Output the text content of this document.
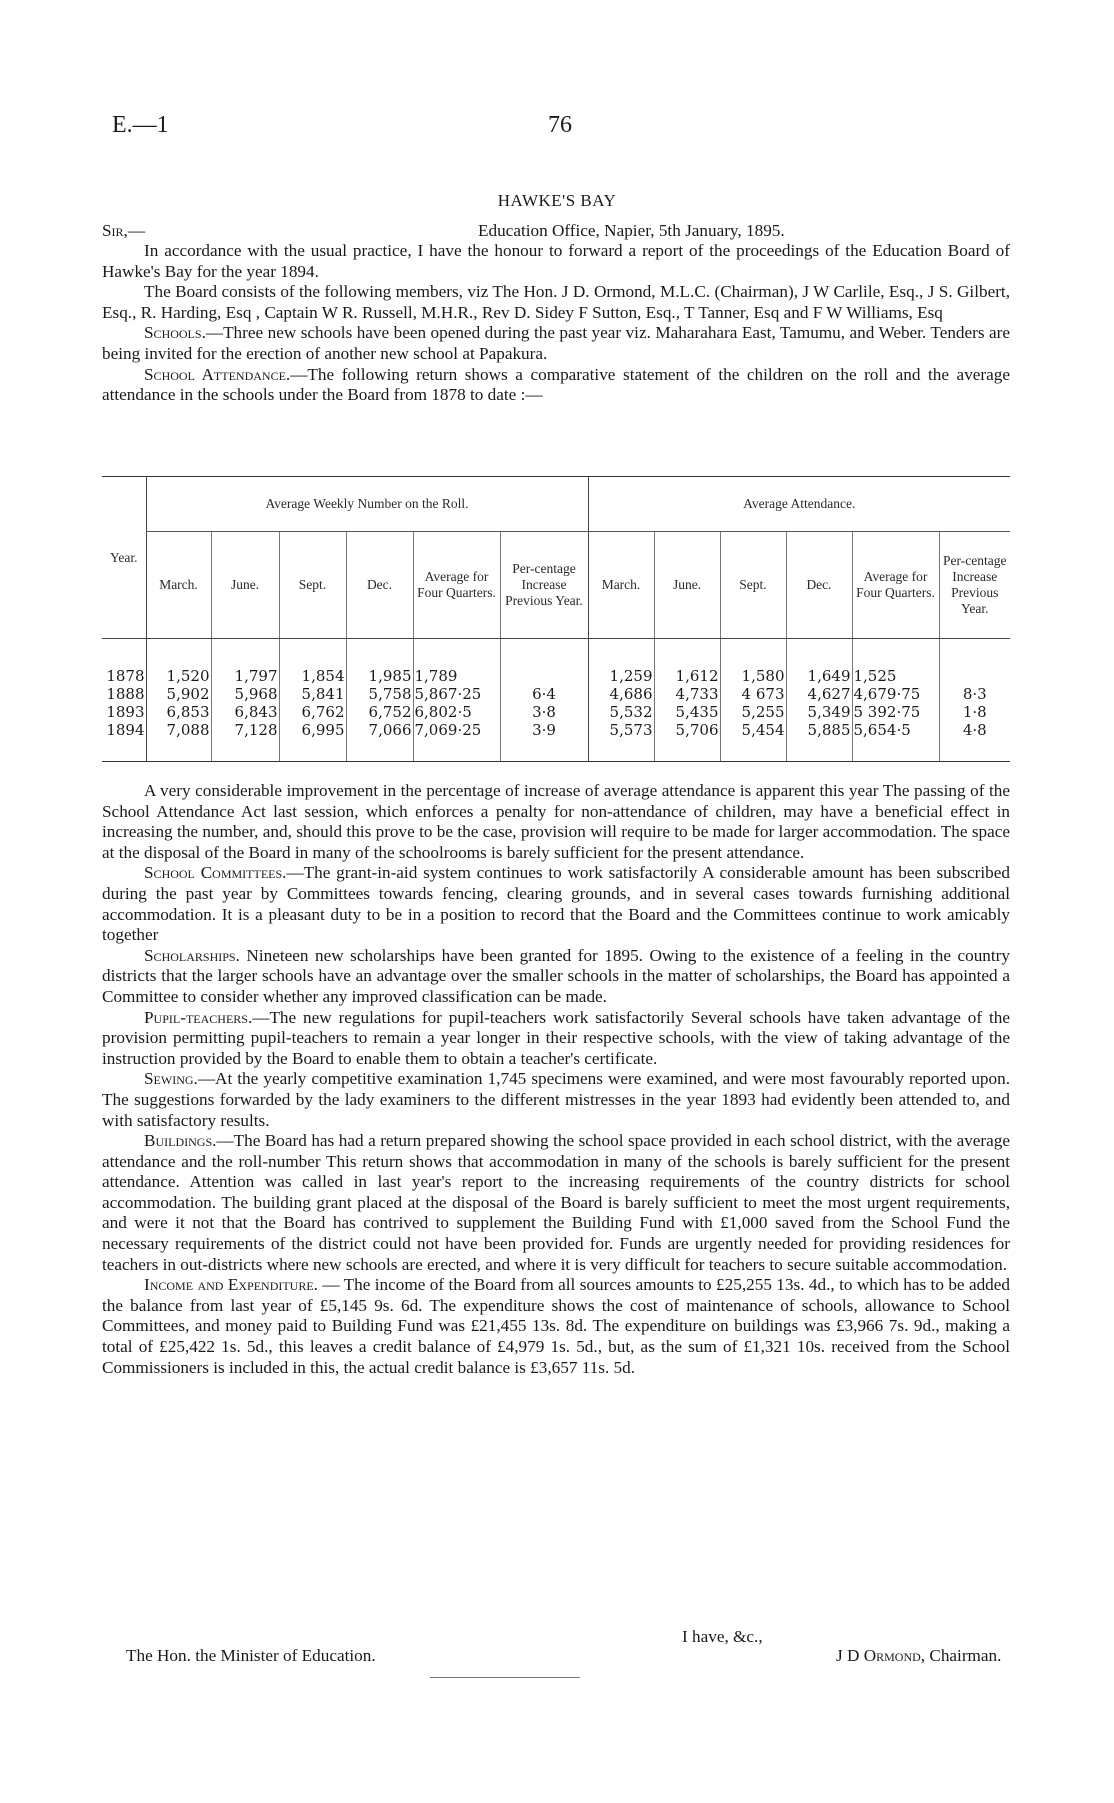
E.—1	76
HAWKE'S BAY
Sir,—	Education Office, Napier, 5th January, 1895.

In accordance with the usual practice, I have the honour to forward a report of the proceedings of the Education Board of Hawke's Bay for the year 1894.

The Board consists of the following members, viz The Hon. J D. Ormond, M.L.C. (Chairman), J W Carlile, Esq., J S. Gilbert, Esq., R. Harding, Esq , Captain W R. Russell, M.H.R., Rev D. Sidey F Sutton, Esq., T Tanner, Esq and F W Williams, Esq

Schools.—Three new schools have been opened during the past year viz. Maharahara East, Tamumu, and Weber. Tenders are being invited for the erection of another new school at Papakura.

School Attendance.—The following return shows a comparative statement of the children on the roll and the average attendance in the schools under the Board from 1878 to date :—

Year.	Average Weekly Number on the Roll.						Average Attendance.					
	March.	June.	Sept.	Dec.	Average for Four Quarters.	Per-centage Increase Previous Year.	March.	June.	Sept.	Dec.	Average for Four Quarters.	Per-centage Increase Previous Year.

1878	1,520	1,797	1,854	1,985	1,789		1,259	1,612	1,580	1,649	1,525	
1888	5,902	5,968	5,841	5,758	5,867·25	6·4	4,686	4,733	4 673	4,627	4,679·75	8·3
1893	6,853	6,843	6,762	6,752	6,802·5	3·8	5,532	5,435	5,255	5,349	5 392·75	1·8
1894	7,088	7,128	6,995	7,066	7,069·25	3·9	5,573	5,706	5,454	5,885	5,654·5	4·8

A very considerable improvement in the percentage of increase of average attendance is apparent this year The passing of the School Attendance Act last session, which enforces a penalty for non-attendance of children, may have a beneficial effect in increasing the number, and, should this prove to be the case, provision will require to be made for larger accommodation. The space at the disposal of the Board in many of the schoolrooms is barely sufficient for the present attendance.

School Committees.—The grant-in-aid system continues to work satisfactorily A considerable amount has been subscribed during the past year by Committees towards fencing, clearing grounds, and in several cases towards furnishing additional accommodation. It is a pleasant duty to be in a position to record that the Board and the Committees continue to work amicably together

Scholarships. Nineteen new scholarships have been granted for 1895. Owing to the existence of a feeling in the country districts that the larger schools have an advantage over the smaller schools in the matter of scholarships, the Board has appointed a Committee to consider whether any improved classification can be made.

Pupil-teachers.—The new regulations for pupil-teachers work satisfactorily Several schools have taken advantage of the provision permitting pupil-teachers to remain a year longer in their respective schools, with the view of taking advantage of the instruction provided by the Board to enable them to obtain a teacher's certificate.

Sewing.—At the yearly competitive examination 1,745 specimens were examined, and were most favourably reported upon. The suggestions forwarded by the lady examiners to the different mistresses in the year 1893 had evidently been attended to, and with satisfactory results.

Buildings.—The Board has had a return prepared showing the school space provided in each school district, with the average attendance and the roll-number This return shows that accommodation in many of the schools is barely sufficient for the present attendance. Attention was called in last year's report to the increasing requirements of the country districts for school accommodation. The building grant placed at the disposal of the Board is barely sufficient to meet the most urgent requirements, and were it not that the Board has contrived to supplement the Building Fund with £1,000 saved from the School Fund the necessary requirements of the district could not have been provided for. Funds are urgently needed for providing residences for teachers in out-districts where new schools are erected, and where it is very difficult for teachers to secure suitable accommodation.

Income and Expenditure. — The income of the Board from all sources amounts to £25,255 13s. 4d., to which has to be added the balance from last year of £5,145 9s. 6d. The expenditure shows the cost of maintenance of schools, allowance to School Committees, and money paid to Building Fund was £21,455 13s. 8d. The expenditure on buildings was £3,966 7s. 9d., making a total of £25,422 1s. 5d., this leaves a credit balance of £4,979 1s. 5d., but, as the sum of £1,321 10s. received from the School Commissioners is included in this, the actual credit balance is £3,657 11s. 5d.

I have, &c.,
The Hon. the Minister of Education.	J D Ormond, Chairman.
